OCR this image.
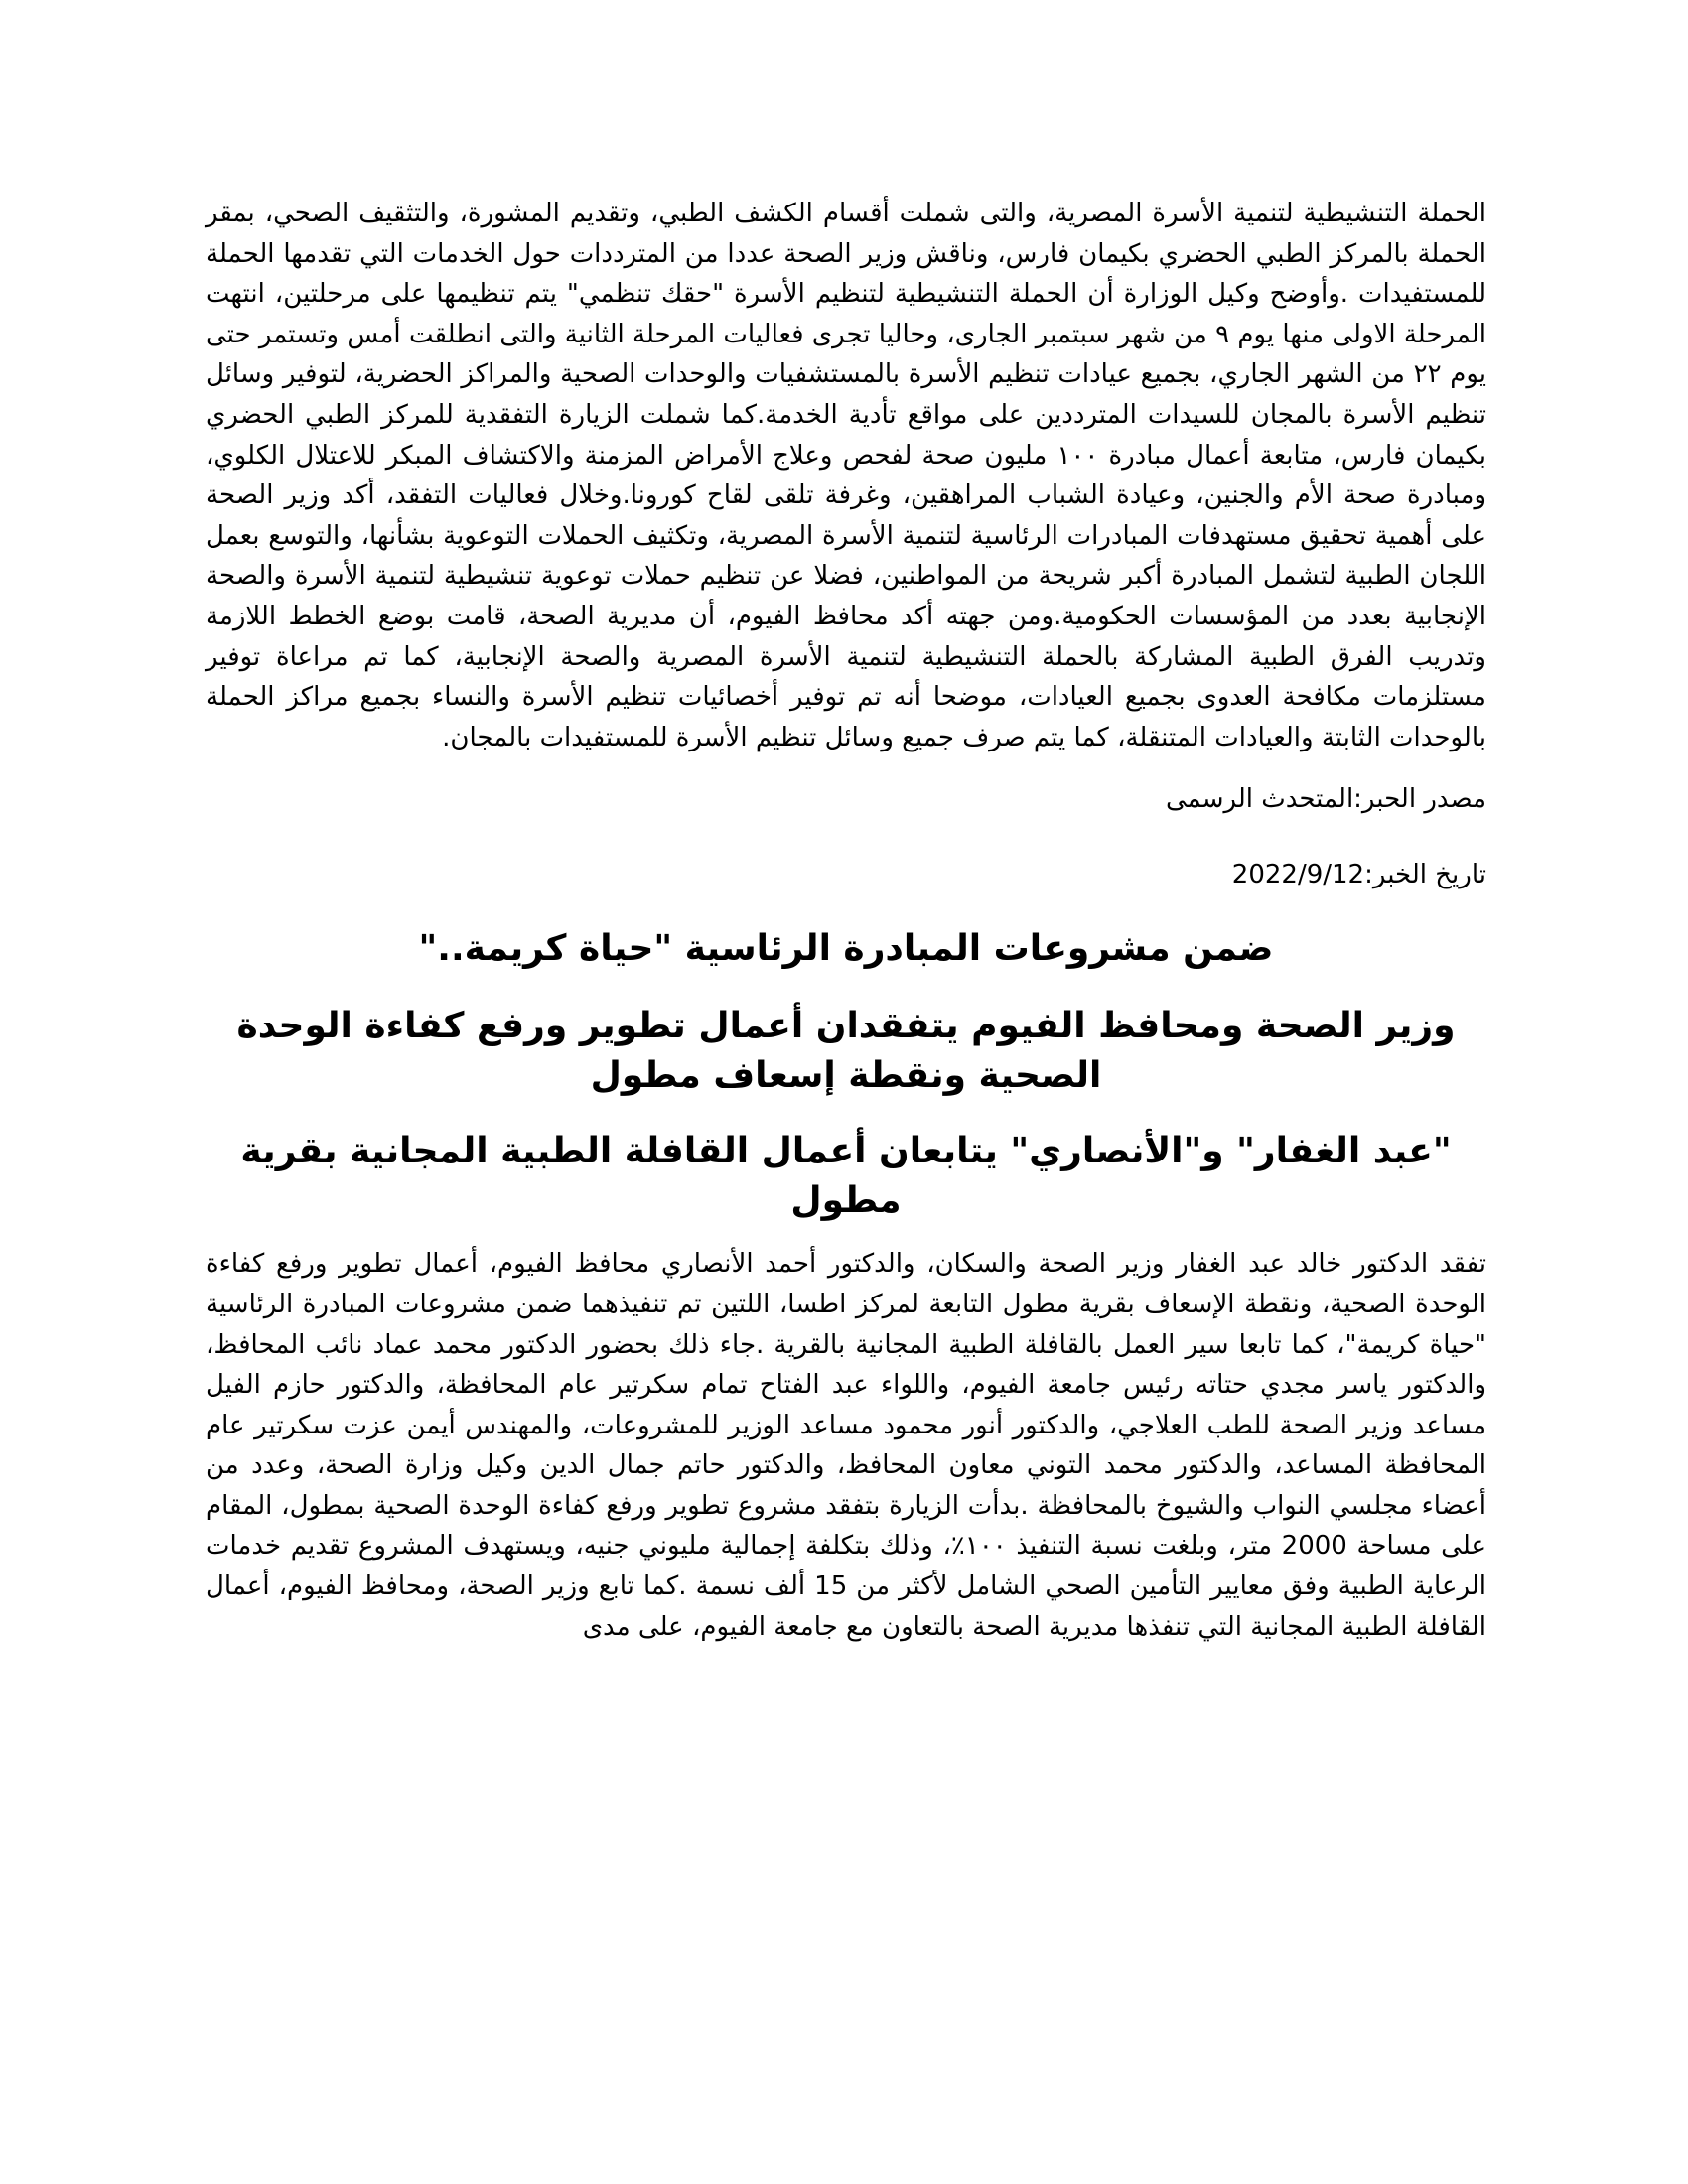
الحملة التنشيطية لتنمية الأسرة المصرية، والتى شملت أقسام الكشف الطبي، وتقديم المشورة، والتثقيف الصحي، بمقر الحملة بالمركز الطبي الحضري بكيمان فارس، وناقش وزير الصحة عددا من المترددات حول الخدمات التي تقدمها الحملة للمستفيدات .وأوضح وكيل الوزارة أن الحملة التنشيطية لتنظيم الأسرة "حقك تنظمي" يتم تنظيمها على مرحلتين، انتهت المرحلة الاولى منها يوم ٩ من شهر سبتمبر الجارى، وحاليا تجرى فعاليات المرحلة الثانية والتى انطلقت أمس وتستمر حتى يوم ٢٢ من الشهر الجاري، بجميع عيادات تنظيم الأسرة بالمستشفيات والوحدات الصحية والمراكز الحضرية، لتوفير وسائل تنظيم الأسرة بالمجان للسيدات المترددين على مواقع تأدية الخدمة.كما شملت الزيارة التفقدية للمركز الطبي الحضري بكيمان فارس، متابعة أعمال مبادرة ١٠٠ مليون صحة لفحص وعلاج الأمراض المزمنة والاكتشاف المبكر للاعتلال الكلوي، ومبادرة صحة الأم والجنين، وعيادة الشباب المراهقين، وغرفة تلقى لقاح كورونا.وخلال فعاليات التفقد، أكد وزير الصحة على أهمية تحقيق مستهدفات المبادرات الرئاسية لتنمية الأسرة المصرية، وتكثيف الحملات التوعوية بشأنها، والتوسع بعمل اللجان الطبية لتشمل المبادرة أكبر شريحة من المواطنين، فضلا عن تنظيم حملات توعوية تنشيطية لتنمية الأسرة والصحة الإنجابية بعدد من المؤسسات الحكومية.ومن جهته أكد محافظ الفيوم، أن مديرية الصحة، قامت بوضع الخطط اللازمة وتدريب الفرق الطبية المشاركة بالحملة التنشيطية لتنمية الأسرة المصرية والصحة الإنجابية، كما تم مراعاة توفير مستلزمات مكافحة العدوى بجميع العيادات، موضحا أنه تم توفير أخصائيات تنظيم الأسرة والنساء بجميع مراكز الحملة بالوحدات الثابتة والعيادات المتنقلة، كما يتم صرف جميع وسائل تنظيم الأسرة للمستفيدات بالمجان.

مصدر الحبر:المتحدث الرسمى

تاريخ الخبر:2022/9/12

ضمن مشروعات المبادرة الرئاسية "حياة كريمة.."
وزير الصحة ومحافظ الفيوم يتفقدان أعمال تطوير ورفع كفاءة الوحدة الصحية ونقطة إسعاف مطول
"عبد الغفار" و"الأنصاري" يتابعان أعمال القافلة الطبية المجانية بقرية مطول

تفقد الدكتور خالد عبد الغفار وزير الصحة والسكان، والدكتور أحمد الأنصاري محافظ الفيوم، أعمال تطوير ورفع كفاءة الوحدة الصحية، ونقطة الإسعاف بقرية مطول التابعة لمركز اطسا، اللتين تم تنفيذهما ضمن مشروعات المبادرة الرئاسية "حياة كريمة"، كما تابعا سير العمل بالقافلة الطبية المجانية بالقرية .جاء ذلك بحضور الدكتور محمد عماد نائب المحافظ، والدكتور ياسر مجدي حتاته رئيس جامعة الفيوم، واللواء عبد الفتاح تمام سكرتير عام المحافظة، والدكتور حازم الفيل مساعد وزير الصحة للطب العلاجي، والدكتور أنور محمود مساعد الوزير للمشروعات، والمهندس أيمن عزت سكرتير عام المحافظة المساعد، والدكتور محمد التوني معاون المحافظ، والدكتور حاتم جمال الدين وكيل وزارة الصحة، وعدد من أعضاء مجلسي النواب والشيوخ بالمحافظة .بدأت الزيارة بتفقد مشروع تطوير ورفع كفاءة الوحدة الصحية بمطول، المقام على مساحة 2000 متر، وبلغت نسبة التنفيذ ١٠٠٪، وذلك بتكلفة إجمالية مليوني جنيه، ويستهدف المشروع تقديم خدمات الرعاية الطبية وفق معايير التأمين الصحي الشامل لأكثر من 15 ألف نسمة .كما تابع وزير الصحة، ومحافظ الفيوم، أعمال القافلة الطبية المجانية التي تنفذها مديرية الصحة بالتعاون مع جامعة الفيوم، على مدى
